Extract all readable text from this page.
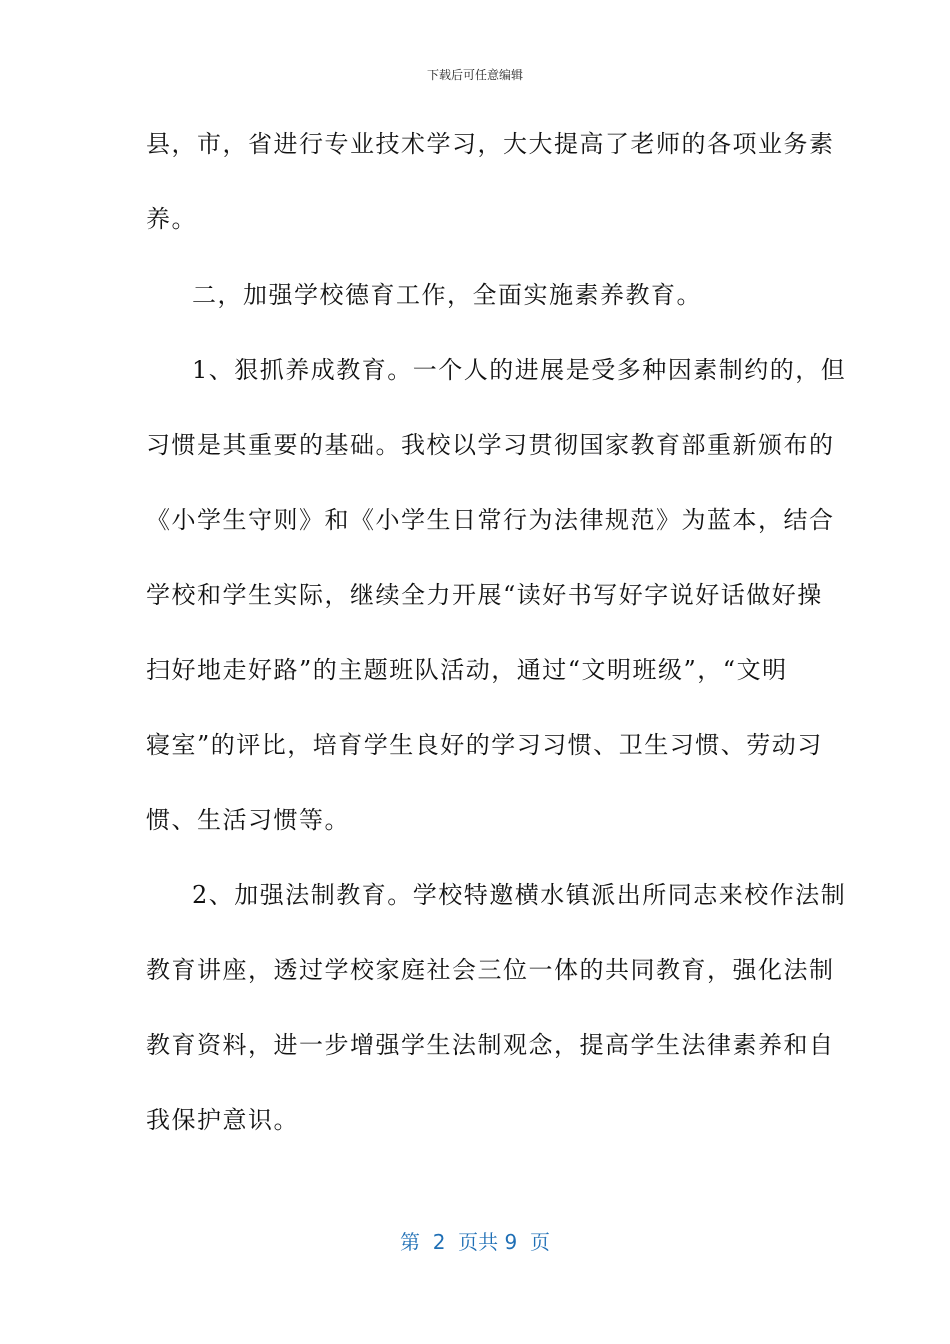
下载后可任意编辑
县，市，省进行专业技术学习，大大提高了老师的各项业务素
养。
二，加强学校德育工作，全面实施素养教育。
1、狠抓养成教育。一个人的进展是受多种因素制约的，但
习惯是其重要的基础。我校以学习贯彻国家教育部重新颁布的
《小学生守则》和《小学生日常行为法律规范》为蓝本，结合
学校和学生实际，继续全力开展“读好书写好字说好话做好操
扫好地走好路”的主题班队活动，通过“文明班级”，“文明
寝室”的评比，培育学生良好的学习习惯、卫生习惯、劳动习
惯、生活习惯等。
2、加强法制教育。学校特邀横水镇派出所同志来校作法制
教育讲座，透过学校家庭社会三位一体的共同教育，强化法制
教育资料，进一步增强学生法制观念，提高学生法律素养和自
我保护意识。
第  2  页共 9  页
